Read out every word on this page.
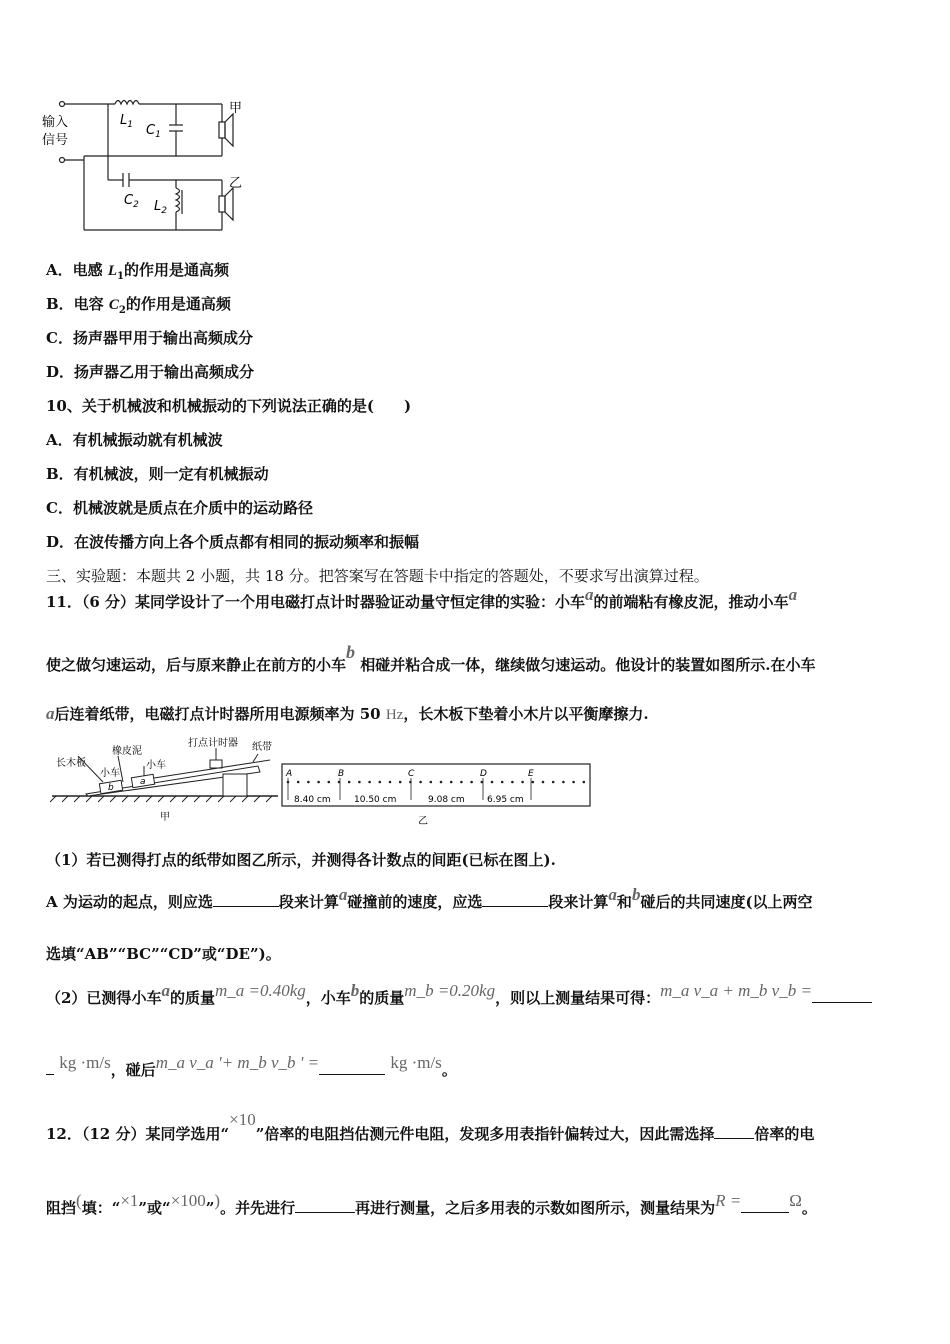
输入
信号
$L_1$ $C_1$
$C_2$ $L_2$
甲
乙
A．电感 $L_1$的作用是通高频
B．电容 $C_2$的作用是通高频
C．扬声器甲用于输出高频成分
D．扬声器乙用于输出高频成分
10、关于机械波和机械振动的下列说法正确的是(　　)
A．有机械振动就有机械波
B．有机械波，则一定有机械振动
C．机械波就是质点在介质中的运动路径
D．在波传播方向上各个质点都有相同的振动频率和振幅
三、实验题：本题共 2 小题，共 18 分。把答案写在答题卡中指定的答题处，不要求写出演算过程。
11．（6 分）某同学设计了一个用电磁打点计时器验证动量守恒定律的实验：小车a的前端粘有橡皮泥，推动小车a
使之做匀速运动，后与原来静止在前方的小车b 相碰并粘合成一体，继续做匀速运动。他设计的装置如图所示.在小车
a后连着纸带，电磁打点计时器所用电源频率为 50 Hz，长木板下垫着小木片以平衡摩擦力.
长木板
橡皮泥
小车
小车
打点计时器 纸带
b
a
甲
A	B	C	D	E
8.40 cm	10.50 cm	9.08 cm 6.95 cm
乙
（1）若已测得打点的纸带如图乙所示，并测得各计数点的间距(已标在图上).
A 为运动的起点，则应选	段来计算a碰撞前的速度，应选	段来计算a和b碰后的共同速度(以上两空
选填“AB”“BC”“CD”或“DE”)。
（2）已测得小车a的质量m_a =0.40kg，小车b的质量m_b =0.20kg，则以上测量结果可得：m_a v_a + m_b v_b =
kg ·m/s，碰后m_a v_a '+ m_b v_b ' =	kg ·m/s。
12．（12 分）某同学选用“×10”倍率的电阻挡估测元件电阻，发现多用表指针偏转过大，因此需选择	倍率的电
阻挡(填：“×1”或“×100”)。并先进行	再进行测量，之后多用表的示数如图所示，测量结果为R =	Ω。
